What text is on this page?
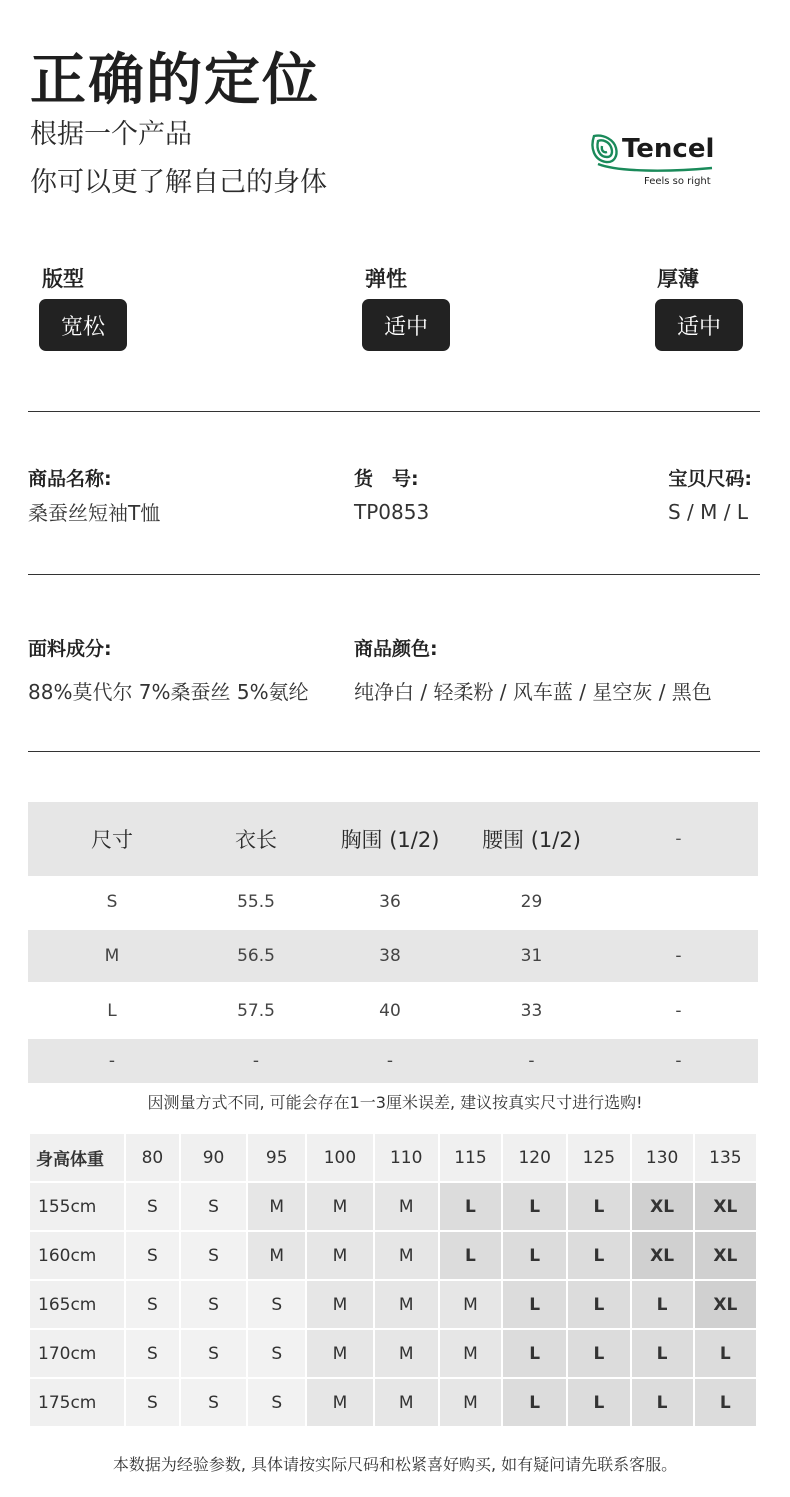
正确的定位
根据一个产品
你可以更了解自己的身体
Tencel
Feels so right
版型
宽松
弹性
适中
厚薄
适中
商品名称:
桑蚕丝短袖T恤
货　号:
TP0853
宝贝尺码:
S / M / L
面料成分:
88%莫代尔 7%桑蚕丝 5%氨纶
商品颜色:
纯净白 / 轻柔粉 / 风车蓝 / 星空灰 / 黑色
尺寸	衣长	胸围 (1/2)	腰围 (1/2)	-
S	55.5	36	29
M	56.5	38	31	-
L	57.5	40	33	-
-	-	-	-	-
因测量方式不同, 可能会存在1一3厘米误差, 建议按真实尺寸进行选购!
身高体重	80	90	95	100	110	115	120	125	130	135
155cm	S	S	M	M	M	L	L	L	XL	XL
160cm	S	S	M	M	M	L	L	L	XL	XL
165cm	S	S	S	M	M	M	L	L	L	XL
170cm	S	S	S	M	M	M	L	L	L	L
175cm	S	S	S	M	M	M	L	L	L	L
本数据为经验参数, 具体请按实际尺码和松紧喜好购买, 如有疑问请先联系客服。
